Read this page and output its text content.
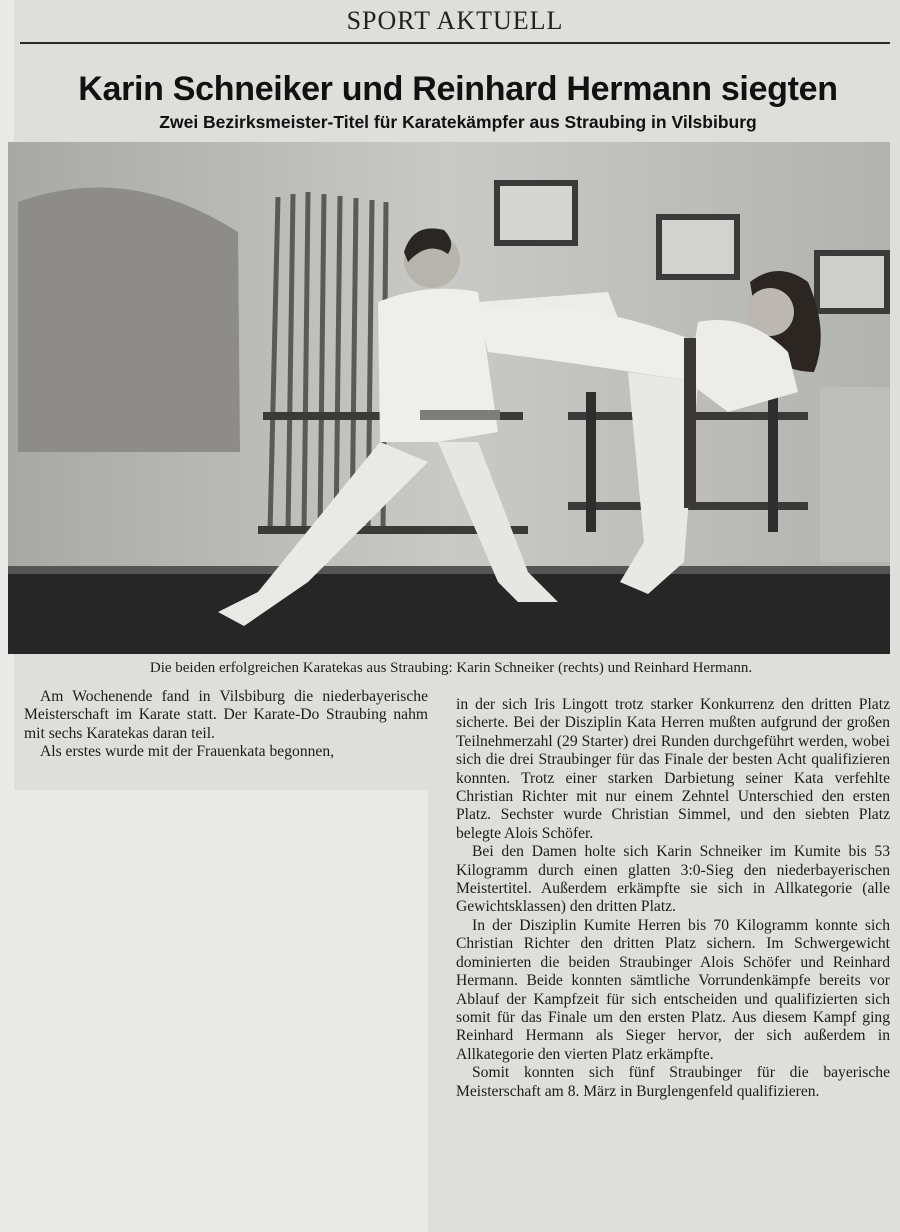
SPORT AKTUELL
Karin Schneiker und Reinhard Hermann siegten
Zwei Bezirksmeister-Titel für Karatekämpfer aus Straubing in Vilsbiburg
Die beiden erfolgreichen Karatekas aus Straubing: Karin Schneiker (rechts) und Reinhard Hermann.

Am Wochenende fand in Vilsbiburg die niederbayerische Meisterschaft im Karate statt. Der Karate-Do Straubing nahm mit sechs Karatekas daran teil.

Als erstes wurde mit der Frauenkata begonnen,

in der sich Iris Lingott trotz starker Konkurrenz den dritten Platz sicherte. Bei der Disziplin Kata Herren mußten aufgrund der großen Teilnehmerzahl (29 Starter) drei Runden durchgeführt werden, wobei sich die drei Straubinger für das Finale der besten Acht qualifizieren konnten. Trotz einer starken Darbietung seiner Kata verfehlte Christian Richter mit nur einem Zehntel Unterschied den ersten Platz. Sechster wurde Christian Simmel, und den siebten Platz belegte Alois Schöfer.

Bei den Damen holte sich Karin Schneiker im Kumite bis 53 Kilogramm durch einen glatten 3:0-Sieg den niederbayerischen Meistertitel. Außerdem erkämpfte sie sich in Allkategorie (alle Gewichtsklassen) den dritten Platz.

In der Disziplin Kumite Herren bis 70 Kilogramm konnte sich Christian Richter den dritten Platz sichern. Im Schwergewicht dominierten die beiden Straubinger Alois Schöfer und Reinhard Hermann. Beide konnten sämtliche Vorrundenkämpfe bereits vor Ablauf der Kampfzeit für sich entscheiden und qualifizierten sich somit für das Finale um den ersten Platz. Aus diesem Kampf ging Reinhard Hermann als Sieger hervor, der sich außerdem in Allkategorie den vierten Platz erkämpfte.

Somit konnten sich fünf Straubinger für die bayerische Meisterschaft am 8. März in Burglengenfeld qualifizieren.
